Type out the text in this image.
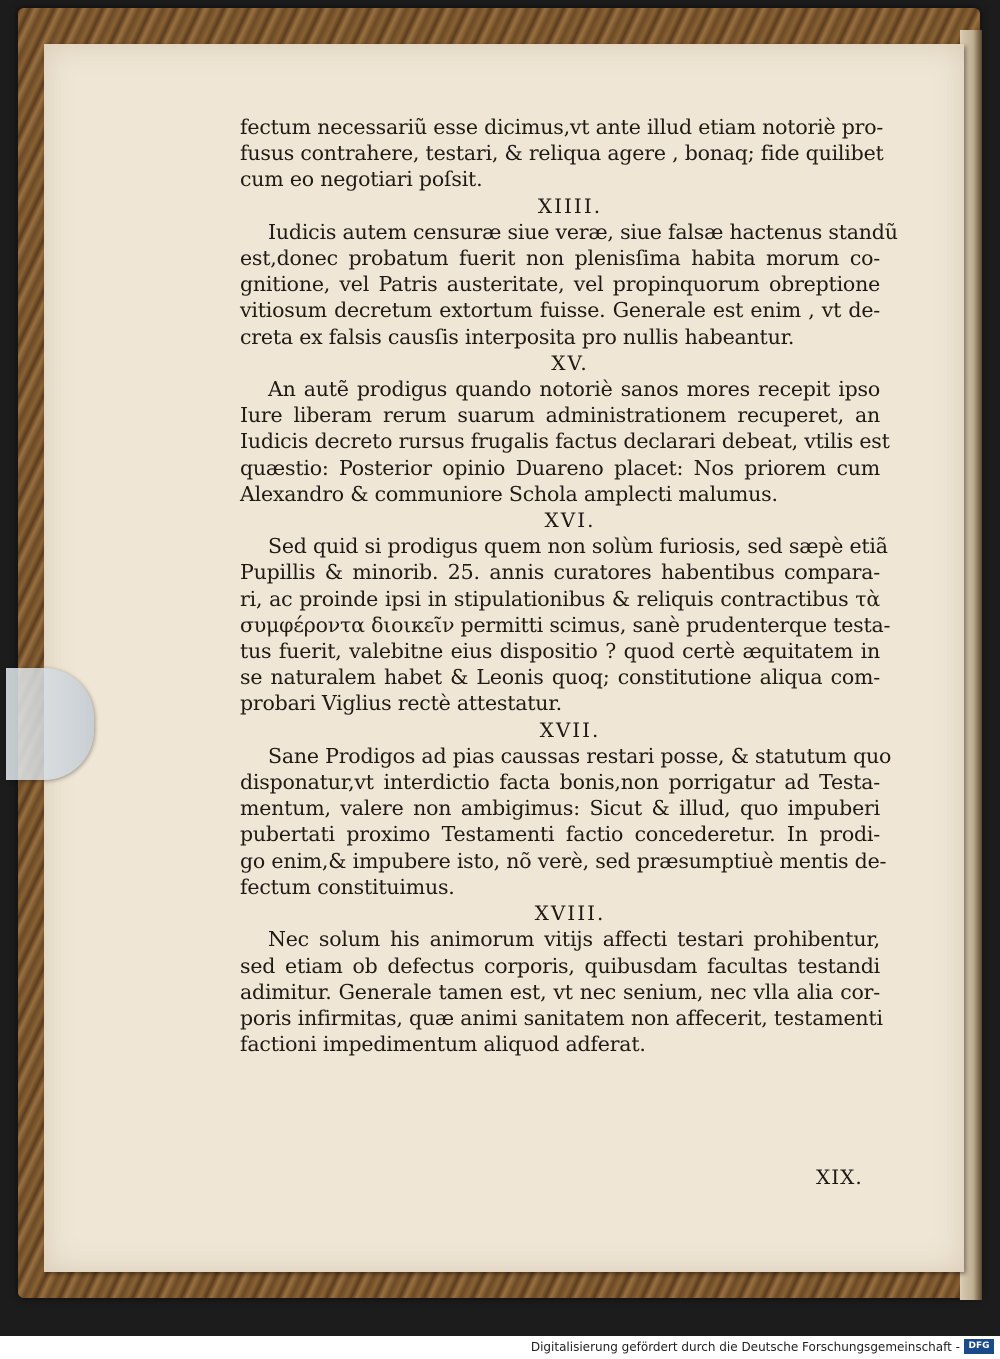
fectum necessariũ esse dicimus,vt ante illud etiam notoriè pro-
fusus contrahere, testari, & reliqua agere , bonaq; fide quilibet
cum eo negotiari poſsit.
XIIII.
Iudicis autem censuræ siue veræ, siue falsæ hactenus standũ
est,donec probatum fuerit non plenisſima habita morum co-
gnitione, vel Patris austeritate, vel propinquorum obreptione
vitiosum decretum extortum fuisse. Generale est enim , vt de-
creta ex falsis causſis interposita pro nullis habeantur.
XV.
An autẽ prodigus quando notoriè sanos mores recepit ipso
Iure liberam rerum suarum administrationem recuperet, an
Iudicis decreto rursus frugalis factus declarari debeat, vtilis est
quæstio: Posterior opinio Duareno placet: Nos priorem cum
Alexandro & communiore Schola amplecti malumus.
XVI.
Sed quid si prodigus quem non solùm furiosis, sed sæpè etiã
Pupillis & minorib. 25. annis curatores habentibus compara-
ri, ac proinde ipsi in stipulationibus & reliquis contractibus τὰ
συμφέροντα διοικεῖν permitti scimus, sanè prudenterque testa-
tus fuerit, valebitne eius dispositio ? quod certè æquitatem in
se naturalem habet & Leonis quoq; constitutione aliqua com-
probari Viglius rectè attestatur.
XVII.
Sane Prodigos ad pias caussas restari posse, & statutum quo
disponatur,vt interdictio facta bonis,non porrigatur ad Testa-
mentum, valere non ambigimus: Sicut & illud, quo impuberi
pubertati proximo Testamenti factio concederetur. In prodi-
go enim,& impubere isto, nõ verè, sed præsumptiuè mentis de-
fectum constituimus.
XVIII.
Nec solum his animorum vitijs affecti testari prohibentur,
sed etiam ob defectus corporis, quibusdam facultas testandi
adimitur. Generale tamen est, vt nec senium, nec vlla alia cor-
poris infirmitas, quæ animi sanitatem non affecerit, testamenti
factioni impedimentum aliquod adferat.
XIX.
Digitalisierung gefördert durch die Deutsche Forschungsgemeinschaft - DFG
